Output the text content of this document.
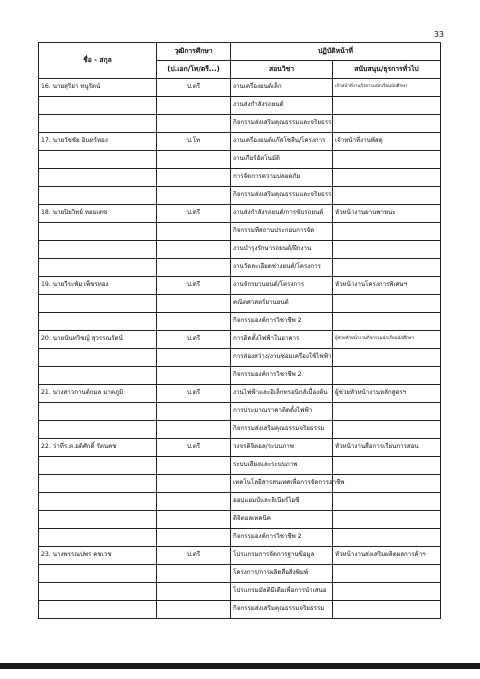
33
ชื่อ - สกุล	วุฒิการศึกษา	ปฏิบัติหน้าที่	
	(ป.เอก/โท/ตรี...)	สอนวิชา	สนับสนุน/ธุรการทั่วไป
16. นายสุริยา หนูรัตน์	ป.ตรี	งานเครื่องยนต์เล็ก	เจ้าหน้าที่งานกิจกรรมนักเรียนนักศึกษา
		งานส่งกำลังรถยนต์	
		กิจกรรมส่งเสริมคุณธรรมและจริยธรร	
17. นายวัชชัย อินทร์ทอง	ป.โท	งานเครื่องยนต์แก๊สโซลีน/โครงการ	เจ้าหน้าที่งานพัสดุ
		งานเกียร์อัตโนมัติ	
		การจัดการความปลอดภัย	
		กิจกรรมส่งเสริมคุณธรรมและจริยธรร	
18. นายปิยวิทย์ หอมเดช	ป.ตรี	งานส่งกำลังรถยนต์/การขับรถยนต์	หัวหน้างานยานพาหนะ
		กิจกรรมที่สถานประกอบการจัด	
		งานบำรุงรักษารถยนต์/ฝึกงาน	
		งานวัดละเอียดช่างยนต์/โครงการ	
19. นายวีระพัย เพ็ชรทอง	ป.ตรี	งานจักรยานยนต์/โครงการ	หัวหน้างานโครงการพิเศษฯ
		คณิตศาสตร์ยานยนต์	
		กิจกรรมองค์การวิชาชีพ 2	
20. นายนันทวิชญ์ สุวรรณรัตน์	ป.ตรี	การติดตั้งไฟฟ้าในอาคาร	ผู้ช่วยหัวหน้างานกิจกรรมนักเรียนนักศึกษา
		การส่องสว่าง/งานซ่อมเครื่องใช้ไฟฟ้า	
		กิจกรรมองค์การวิชาชีพ 2	
21. นางสาวกานต์กมล มาคภูมิ	ป.ตรี	งานไฟฟ้าและอิเล็กทรอนิกส์เบื้องต้น	ผู้ช่วยหัวหน้างานหลักสูตรฯ
		การประมาณราคาติดตั้งไฟฟ้า	
		กิจกรรมส่งเสริมคุณธรรมจริยธรรม	
22. ว่าที่ร.ต.อดิศักดิ์ รัตนคช	ป.ตรี	วงจรดิจิตอล/ระบบภาพ	หัวหน้างานสื่อการเรียนการสอน
		ระบบเสียงและระบบภาพ	
		เทคโนโลยีสารสนเทศเพื่อการจัดการอาชีพ	
		ออปแอมป์และลิเนียร์ไอซี	
		ดิจิตอลเทคนิค	
		กิจกรรมองค์การวิชาชีพ 2	
23. นางพรรณปพร คชเวช	ป.ตรี	โปรแกรมการจัดการฐานข้อมูล	หัวหน้างานส่งเสริมผลิตผลการค้าฯ
		โครงการ/การผลิตสื่อสิ่งพิมพ์	
		โปรแกรมมัลติมีเดียเพื่อการนำเสนอ	
		กิจกรรมส่งเสริมคุณธรรมจริยธรรม	
